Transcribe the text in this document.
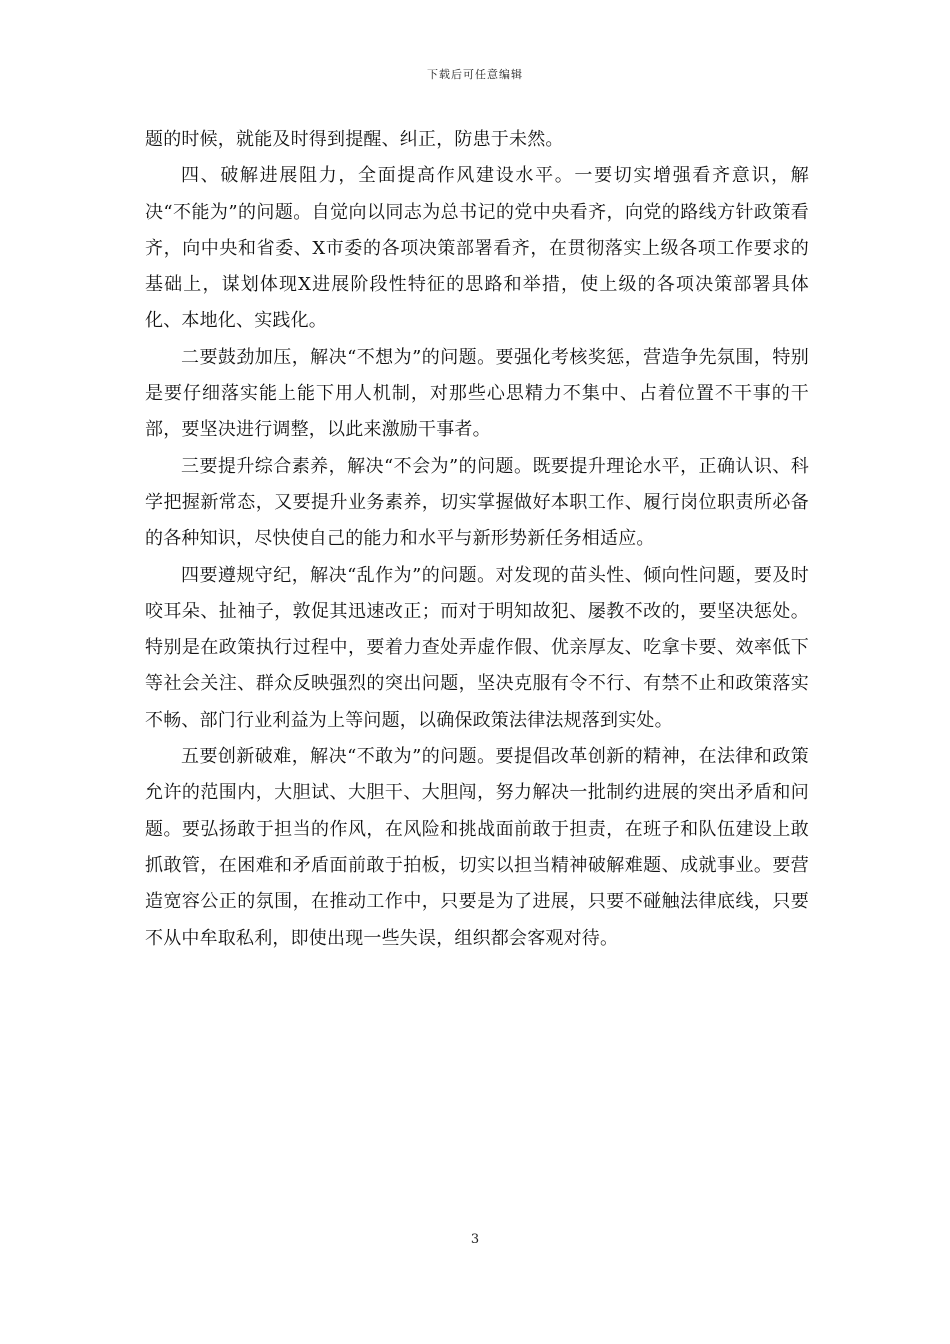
下载后可任意编辑

题的时候，就能及时得到提醒、纠正，防患于未然。

四、破解进展阻力，全面提高作风建设水平。一要切实增强看齐意识，解决“不能为”的问题。自觉向以同志为总书记的党中央看齐，向党的路线方针政策看齐，向中央和省委、X市委的各项决策部署看齐，在贯彻落实上级各项工作要求的基础上，谋划体现X进展阶段性特征的思路和举措，使上级的各项决策部署具体化、本地化、实践化。

二要鼓劲加压，解决“不想为”的问题。要强化考核奖惩，营造争先氛围，特别是要仔细落实能上能下用人机制，对那些心思精力不集中、占着位置不干事的干部，要坚决进行调整，以此来激励干事者。

三要提升综合素养，解决“不会为”的问题。既要提升理论水平，正确认识、科学把握新常态，又要提升业务素养，切实掌握做好本职工作、履行岗位职责所必备的各种知识，尽快使自己的能力和水平与新形势新任务相适应。

四要遵规守纪，解决“乱作为”的问题。对发现的苗头性、倾向性问题，要及时咬耳朵、扯袖子，敦促其迅速改正；而对于明知故犯、屡教不改的，要坚决惩处。特别是在政策执行过程中，要着力查处弄虚作假、优亲厚友、吃拿卡要、效率低下等社会关注、群众反映强烈的突出问题，坚决克服有令不行、有禁不止和政策落实不畅、部门行业利益为上等问题，以确保政策法律法规落到实处。

五要创新破难，解决“不敢为”的问题。要提倡改革创新的精神，在法律和政策允许的范围内，大胆试、大胆干、大胆闯，努力解决一批制约进展的突出矛盾和问题。要弘扬敢于担当的作风，在风险和挑战面前敢于担责，在班子和队伍建设上敢抓敢管，在困难和矛盾面前敢于拍板，切实以担当精神破解难题、成就事业。要营造宽容公正的氛围，在推动工作中，只要是为了进展，只要不碰触法律底线，只要不从中牟取私利，即使出现一些失误，组织都会客观对待。

3
